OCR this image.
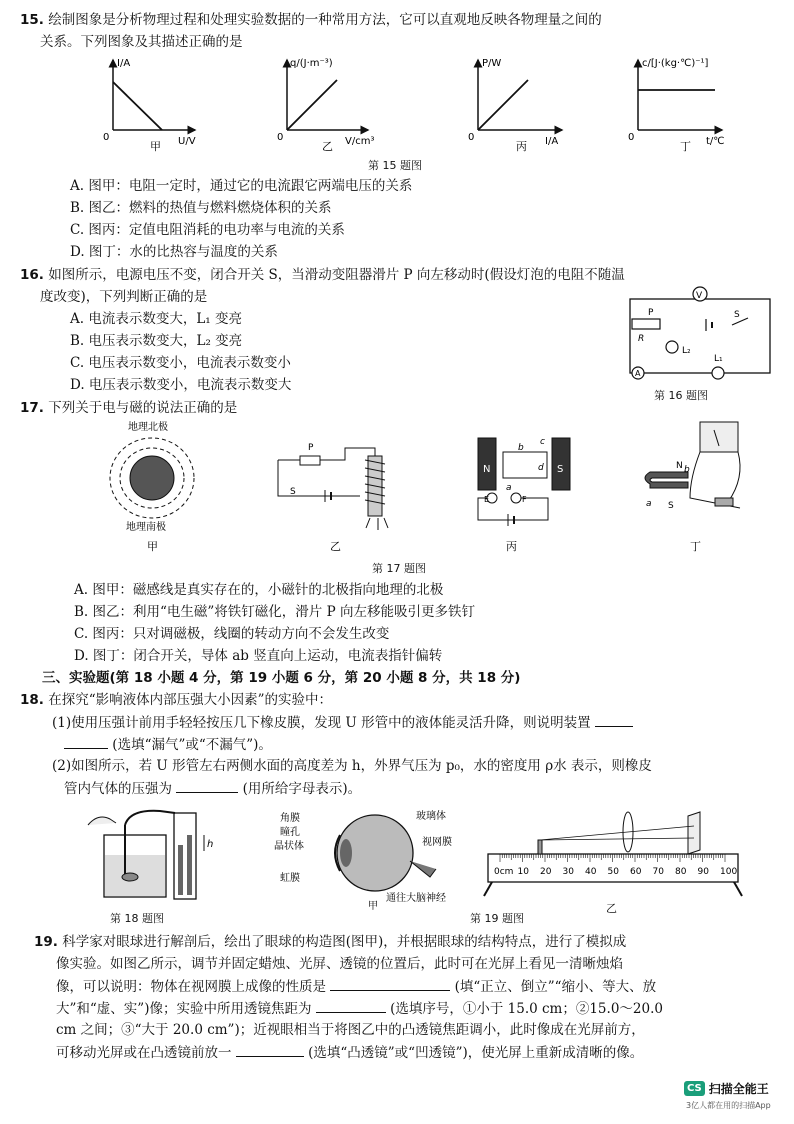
15. 绘制图象是分析物理过程和处理实验数据的一种常用方法，它可以直观地反映各物理量之间的
关系。下列图象及其描述正确的是
I/A
U/V
0
甲
q/(J·m⁻³)
V/cm³
0
乙
P/W
I/A
0
丙
c/[J·(kg·℃)⁻¹]
t/℃
0
丁
第 15 题图
A. 图甲：电阻一定时，通过它的电流跟它两端电压的关系
B. 图乙：燃料的热值与燃料燃烧体积的关系
C. 图丙：定值电阻消耗的电功率与电流的关系
D. 图丁：水的比热容与温度的关系
16. 如图所示，电源电压不变，闭合开关 S，当滑动变阻器滑片 P 向左移动时(假设灯泡的电阻不随温
度改变)，下列判断正确的是
A. 电流表示数变大，L₁ 变亮
B. 电压表示数变大，L₂ 变亮
C. 电压表示数变小，电流表示数变小
D. 电压表示数变小，电流表示数变大
V
P
R
S
L₂
A
L₁
第 16 题图
17. 下列关于电与磁的说法正确的是
地理北极
地理南极
甲
P
S
乙
N	S
b
c
d
a
E	F
丙
N b
S
a
丁
第 17 题图
A. 图甲：磁感线是真实存在的，小磁针的北极指向地理的北极
B. 图乙：利用“电生磁”将铁钉磁化，滑片 P 向左移能吸引更多铁钉
C. 图丙：只对调磁极，线圈的转动方向不会发生改变
D. 图丁：闭合开关，导体 ab 竖直向上运动，电流表指针偏转
三、实验题(第 18 小题 4 分，第 19 小题 6 分，第 20 小题 8 分，共 18 分)
18. 在探究“影响液体内部压强大小因素”的实验中：
(1)使用压强计前用手轻轻按压几下橡皮膜，发现 U 形管中的液体能灵活升降，则说明装置
(选填“漏气”或“不漏气”)。
(2)如图所示，若 U 形管左右两侧水面的高度差为 h，外界气压为 p₀，水的密度用 ρ水 表示，则橡皮
管内气体的压强为	(用所给字母表示)。
h
第 18 题图
角膜
瞳孔
晶状体
虹膜
玻璃体
视网膜
通往大脑神经
甲
0cm 10 20 30 40 50 60 70 80 90 100
乙
第 19 题图
19. 科学家对眼球进行解剖后，绘出了眼球的构造图(图甲)，并根据眼球的结构特点，进行了模拟成
像实验。如图乙所示，调节并固定蜡烛、光屏、透镜的位置后，此时可在光屏上看见一清晰烛焰
像，可以说明：物体在视网膜上成像的性质是	(填“正立、倒立”“缩小、等大、放
大”和“虚、实”)像；实验中所用透镜焦距为	(选填序号，①小于 15.0 cm；②15.0～20.0
cm 之间；③“大于 20.0 cm”)；近视眼相当于将图乙中的凸透镜焦距调小，此时像成在光屏前方，
可移动光屏或在凸透镜前放一	(选填“凸透镜”或“凹透镜”)，使光屏上重新成清晰的像。
CS 扫描全能王
3亿人都在用的扫描App
